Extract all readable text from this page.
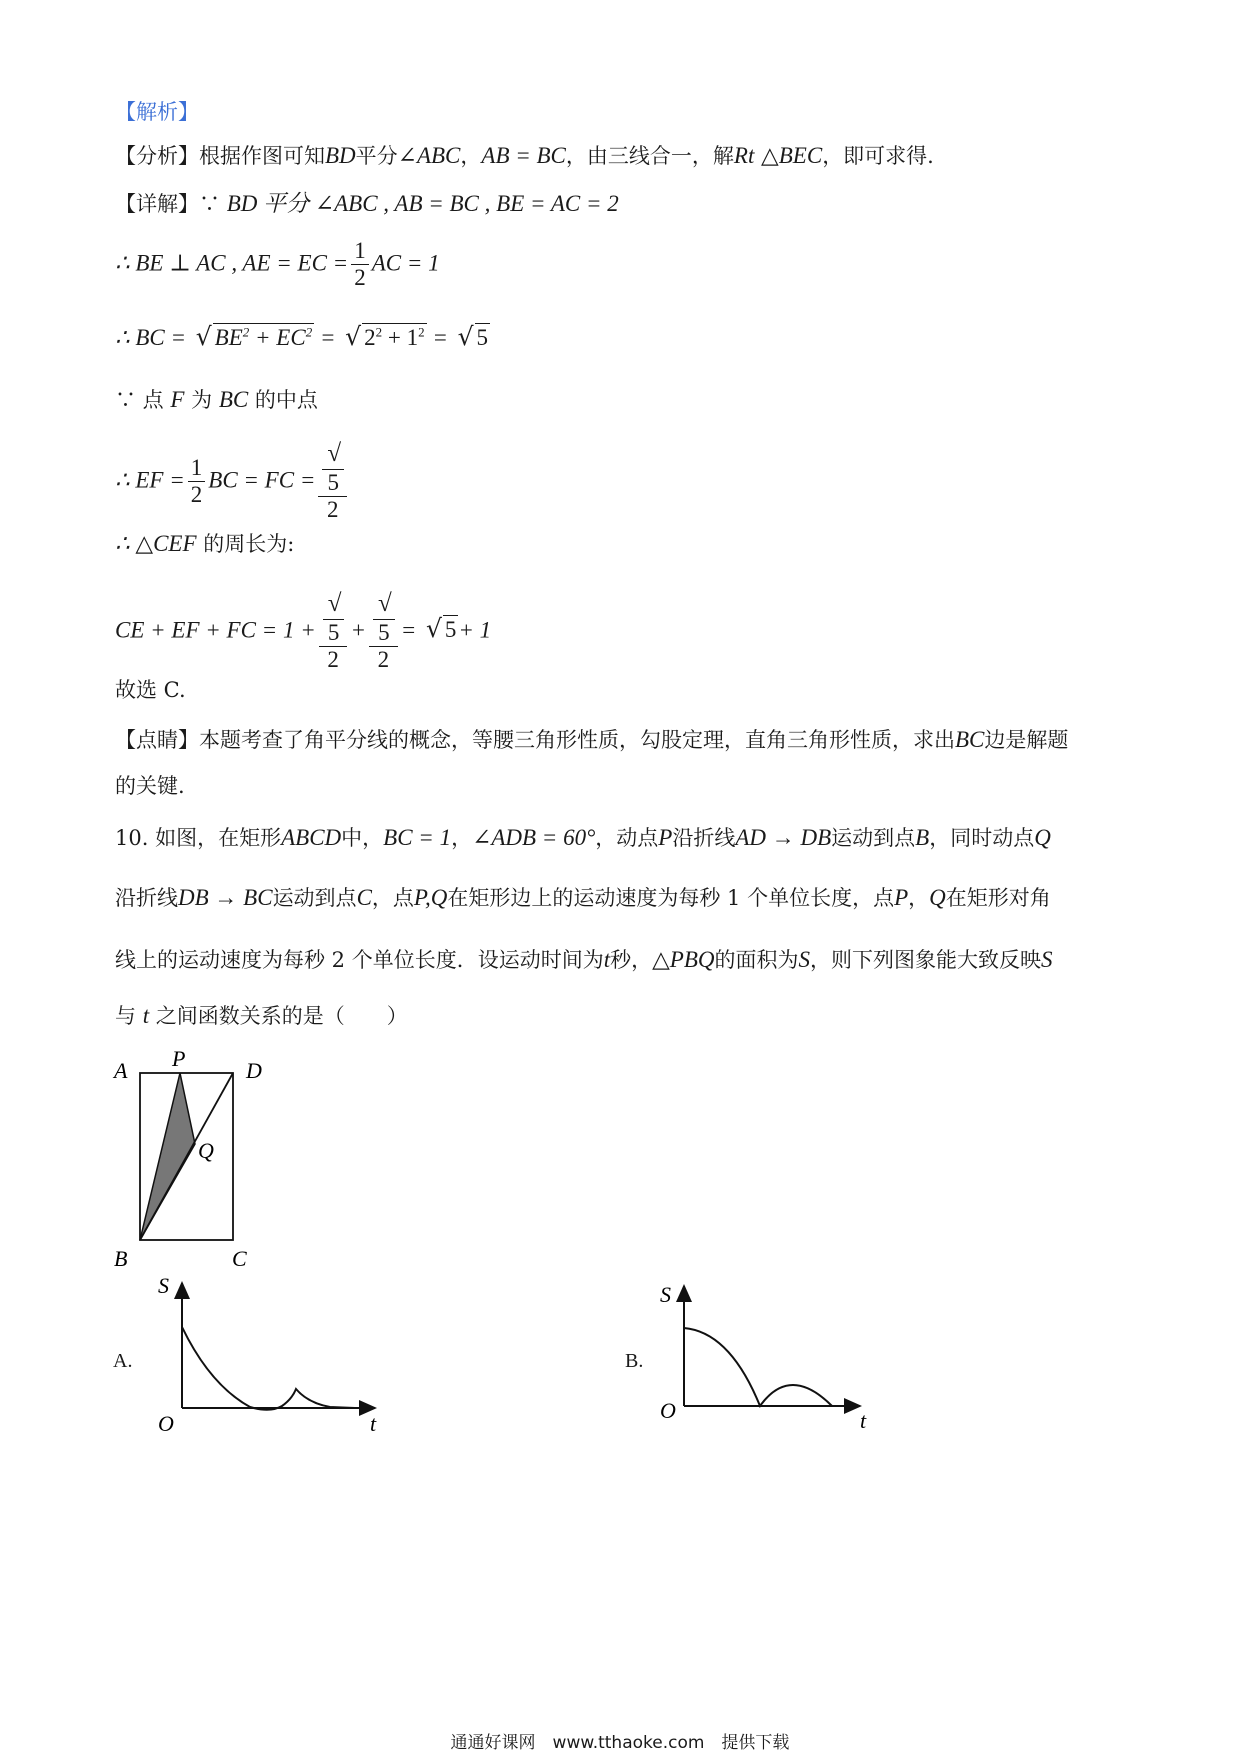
【解析】
【分析】根据作图可知BD平分∠ABC，AB = BC，由三线合一，解Rt △BEC，即可求得.
【详解】∵ BD 平分 ∠ABC , AB = BC , BE = AC = 2
∴ BE ⊥ AC , AE = EC = $\frac{1}{2}$ AC = 1
∴ BC = √ $BE^2 + EC^2$ = √ $2^2 + 1^2$ = √ 5
∵ 点 F 为 BC 的中点
∴ EF = $\frac{1}{2}$ BC = FC = √
5
2
∴ △CEF 的周长为:
CE + EF + FC = 1 + √
5
2 + √
5
2 = √ 5+ 1
故选 C.
【点睛】本题考查了角平分线的概念，等腰三角形性质，勾股定理，直角三角形性质，求出BC边是解题
的关键.
10. 如图，在矩形ABCD中，BC = 1，∠ADB = 60°，动点P沿折线AD → DB运动到点B，同时动点Q
沿折线DB → BC运动到点C，点P,Q在矩形边上的运动速度为每秒 1 个单位长度，点P，Q在矩形对角
线上的运动速度为每秒 2 个单位长度．设运动时间为t秒，△PBQ的面积为S，则下列图象能大致反映S
与 t 之间函数关系的是（　　）
A P	D
Q
B	C
A.
S
t
O
B.
S
t
O
通通好课网　www.tthaoke.com　提供下载
